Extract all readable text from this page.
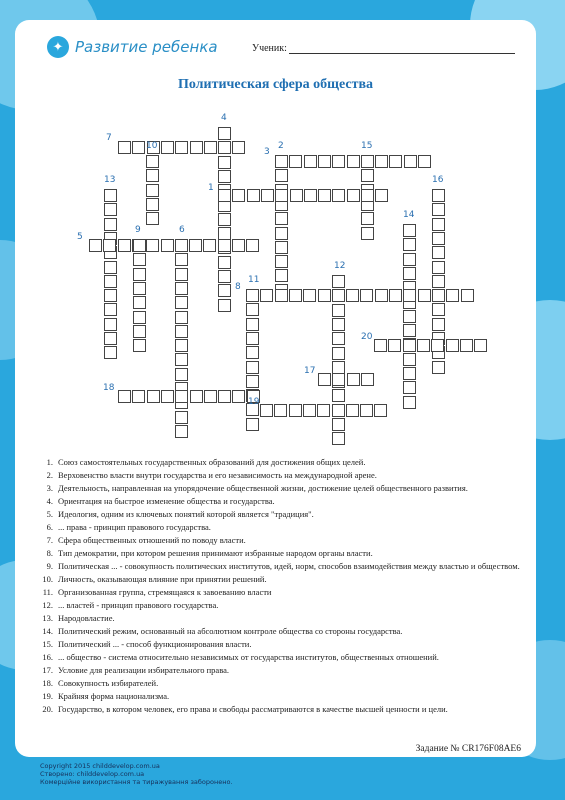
✦ Развитие ребенка	Ученик:
Политическая сфера общества
7
10
4
2	15
3
1
13	16
5
9	6
14
8
11
12
20
17
18
19
1. Союз самостоятельных государственных образований для достижения общих целей.
2. Верховенство власти внутри государства и его независимость на международной арене.
3. Деятельность, направленная на упорядочение общественной жизни, достижение целей общественного развития.
4. Ориентация на быстрое изменение общества и государства.
5. Идеология, одним из ключевых понятий которой является "традиция".
6. ... права - принцип правового государства.
7. Сфера общественных отношений по поводу власти.
8. Тип демократии, при котором решения принимают избранные народом органы власти.
9. Политическая ... - совокупность политических институтов, идей, норм, способов взаимодействия между властью и обществом.
10. Личность, оказывающая влияние при принятии решений.
11. Организованная группа, стремящаяся к завоеванию власти
12. ... властей - принцип правового государства.
13. Народовластие.
14. Политический режим, основанный на абсолютном контроле общества со стороны государства.
15. Политический ... - способ функционирования власти.
16. ... общество - система относительно независимых от государства институтов, общественных отношений.
17. Условие для реализации избирательного права.
18. Совокупность избирателей.
19. Крайняя форма национализма.
20. Государство, в котором человек, его права и свободы рассматриваются в качестве высшей ценности и цели.
Задание № CR176F08AE6
Copyright 2015 childdevelop.com.ua
Створено: childdevelop.com.ua
Комерційне використання та тиражування заборонено.
